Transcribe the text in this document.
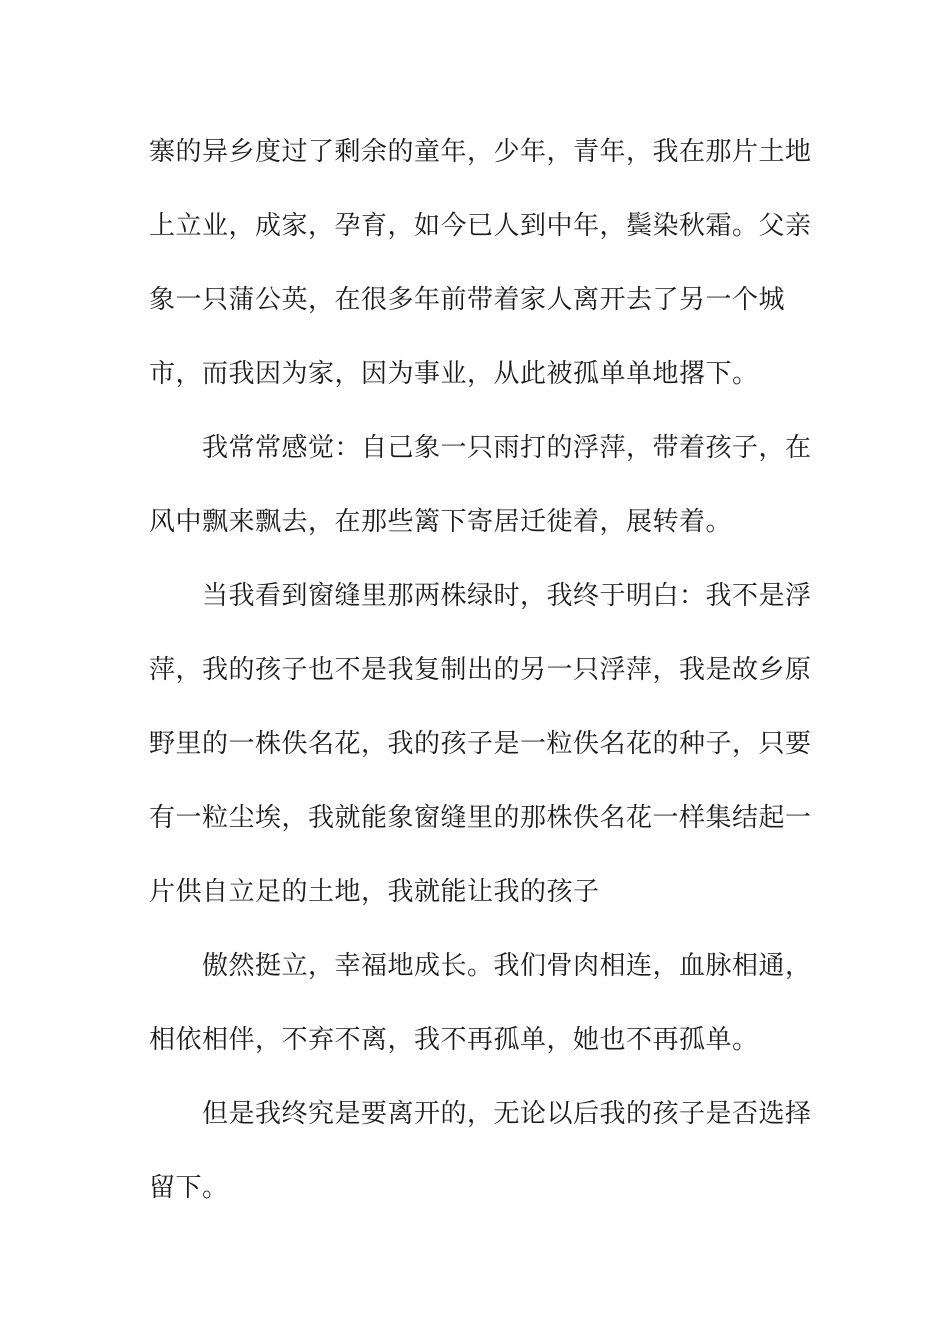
寨的异乡度过了剩余的童年，少年，青年，我在那片土地
上立业，成家，孕育，如今已人到中年，鬓染秋霜。父亲
象一只蒲公英，在很多年前带着家人离开去了另一个城
市，而我因为家，因为事业，从此被孤单单地撂下。
我常常感觉：自己象一只雨打的浮萍，带着孩子，在
风中飘来飘去，在那些篱下寄居迁徙着，展转着。
当我看到窗缝里那两株绿时，我终于明白：我不是浮
萍，我的孩子也不是我复制出的另一只浮萍，我是故乡原
野里的一株佚名花，我的孩子是一粒佚名花的种子，只要
有一粒尘埃，我就能象窗缝里的那株佚名花一样集结起一
片供自立足的土地，我就能让我的孩子
傲然挺立，幸福地成长。我们骨肉相连，血脉相通，
相依相伴，不弃不离，我不再孤单，她也不再孤单。
但是我终究是要离开的，无论以后我的孩子是否选择
留下。
